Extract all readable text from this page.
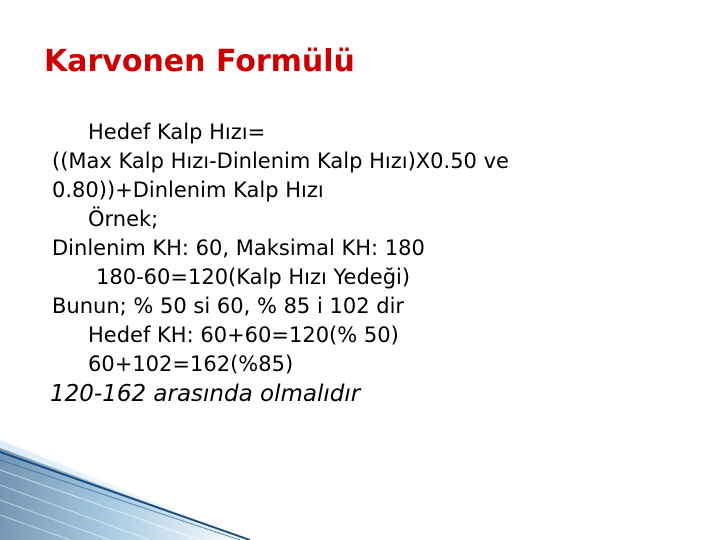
Karvonen Formülü
Hedef Kalp Hızı=
((Max Kalp Hızı-Dinlenim Kalp Hızı)X0.50 ve
0.80))+Dinlenim Kalp Hızı
Örnek;
Dinlenim KH: 60, Maksimal KH: 180
180-60=120(Kalp Hızı Yedeği)
Bunun; % 50 si 60, % 85 i 102 dir
Hedef KH: 60+60=120(% 50)
60+102=162(%85)
120-162 arasında olmalıdır
